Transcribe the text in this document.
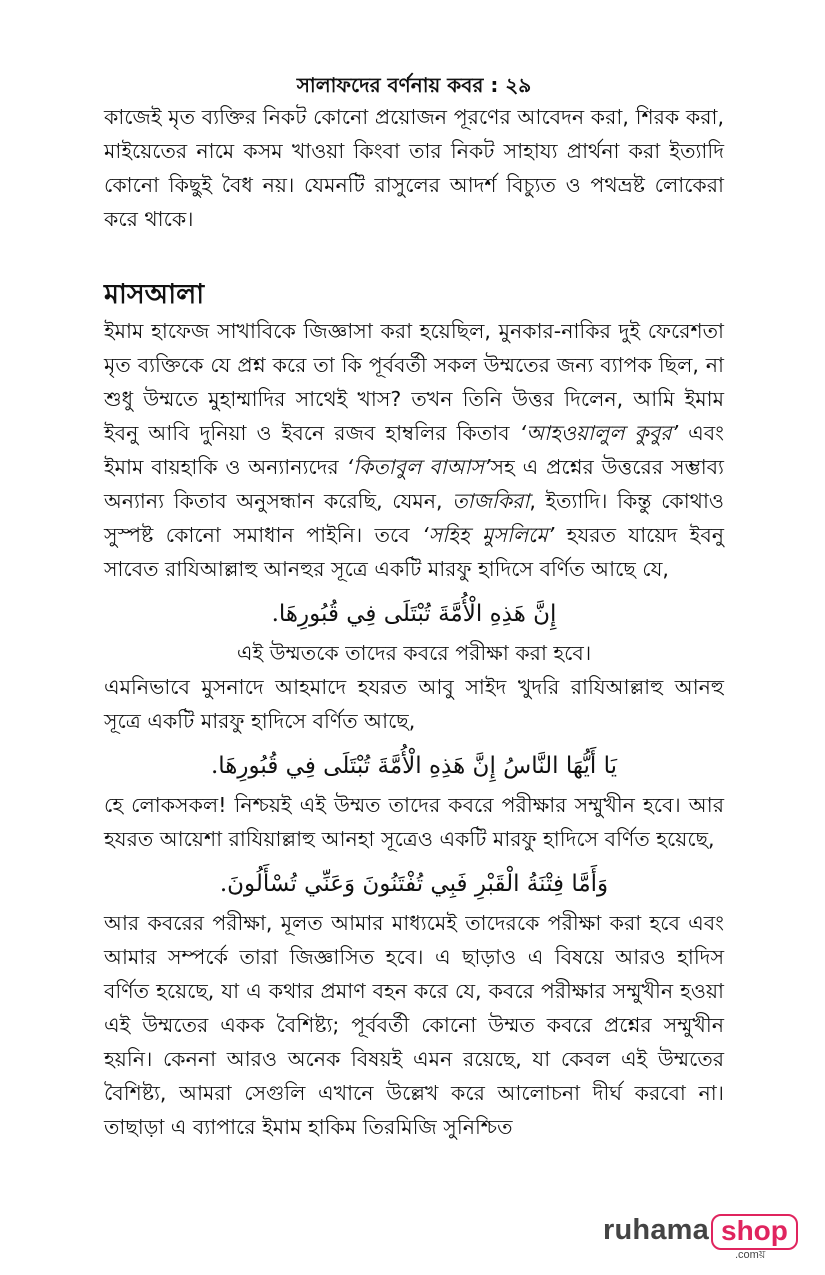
সালাফদের বর্ণনায় কবর : ২৯

কাজেই মৃত ব্যক্তির নিকট কোনো প্রয়োজন পূরণের আবেদন করা, শিরক করা, মাইয়েতের নামে কসম খাওয়া কিংবা তার নিকট সাহায্য প্রার্থনা করা ইত্যাদি কোনো কিছুই বৈধ নয়। যেমনটি রাসুলের আদর্শ বিচ্যুত ও পথভ্রষ্ট লোকেরা করে থাকে।

মাসআলা

ইমাম হাফেজ সাখাবিকে জিজ্ঞাসা করা হয়েছিল, মুনকার-নাকির দুই ফেরেশতা মৃত ব্যক্তিকে যে প্রশ্ন করে তা কি পূর্ববর্তী সকল উম্মতের জন্য ব্যাপক ছিল, না শুধু উম্মতে মুহাম্মাদির সাথেই খাস? তখন তিনি উত্তর দিলেন, আমি ইমাম ইবনু আবি দুনিয়া ও ইবনে রজব হাম্বলির কিতাব ‘আহওয়ালুল কুবুর’ এবং ইমাম বায়হাকি ও অন্যান্যদের ‘কিতাবুল বাআস’সহ এ প্রশ্নের উত্তরের সম্ভাব্য অন্যান্য কিতাব অনুসন্ধান করেছি, যেমন, তাজকিরা, ইত্যাদি। কিন্তু কোথাও সুস্পষ্ট কোনো সমাধান পাইনি। তবে ‘সহিহ মুসলিমে’ হযরত যায়েদ ইবনু সাবেত রাযিআল্লাহু আনহুর সূত্রে একটি মারফু হাদিসে বর্ণিত আছে যে,

إِنَّ هَذِهِ الْأُمَّةَ تُبْتَلَى فِي قُبُورِهَا.

এই উম্মতকে তাদের কবরে পরীক্ষা করা হবে।

এমনিভাবে মুসনাদে আহমাদে হযরত আবু সাইদ খুদরি রাযিআল্লাহু আনহু সূত্রে একটি মারফু হাদিসে বর্ণিত আছে,

يَا أَيُّهَا النَّاسُ إِنَّ هَذِهِ الْأُمَّةَ تُبْتَلَى فِي قُبُورِهَا.

হে লোকসকল! নিশ্চয়ই এই উম্মত তাদের কবরে পরীক্ষার সম্মুখীন হবে। আর হযরত আয়েশা রাযিয়াল্লাহু আনহা সূত্রেও একটি মারফু হাদিসে বর্ণিত হয়েছে,

وَأَمَّا فِتْنَةُ الْقَبْرِ فَبِي تُفْتَنُونَ وَعَنِّي تُسْأَلُونَ.

আর কবরের পরীক্ষা, মূলত আমার মাধ্যমেই তাদেরকে পরীক্ষা করা হবে এবং আমার সম্পর্কে তারা জিজ্ঞাসিত হবে। এ ছাড়াও এ বিষয়ে আরও হাদিস বর্ণিত হয়েছে, যা এ কথার প্রমাণ বহন করে যে, কবরে পরীক্ষার সম্মুখীন হওয়া এই উম্মতের একক বৈশিষ্ট্য; পূর্ববর্তী কোনো উম্মত কবরে প্রশ্নের সম্মুখীন হয়নি। কেননা আরও অনেক বিষয়ই এমন রয়েছে, যা কেবল এই উম্মতের বৈশিষ্ট্য, আমরা সেগুলি এখানে উল্লেখ করে আলোচনা দীর্ঘ করবো না। তাছাড়া এ ব্যাপারে ইমাম হাকিম তিরমিজি সুনিশ্চিত

ruhama shop
.comয়
